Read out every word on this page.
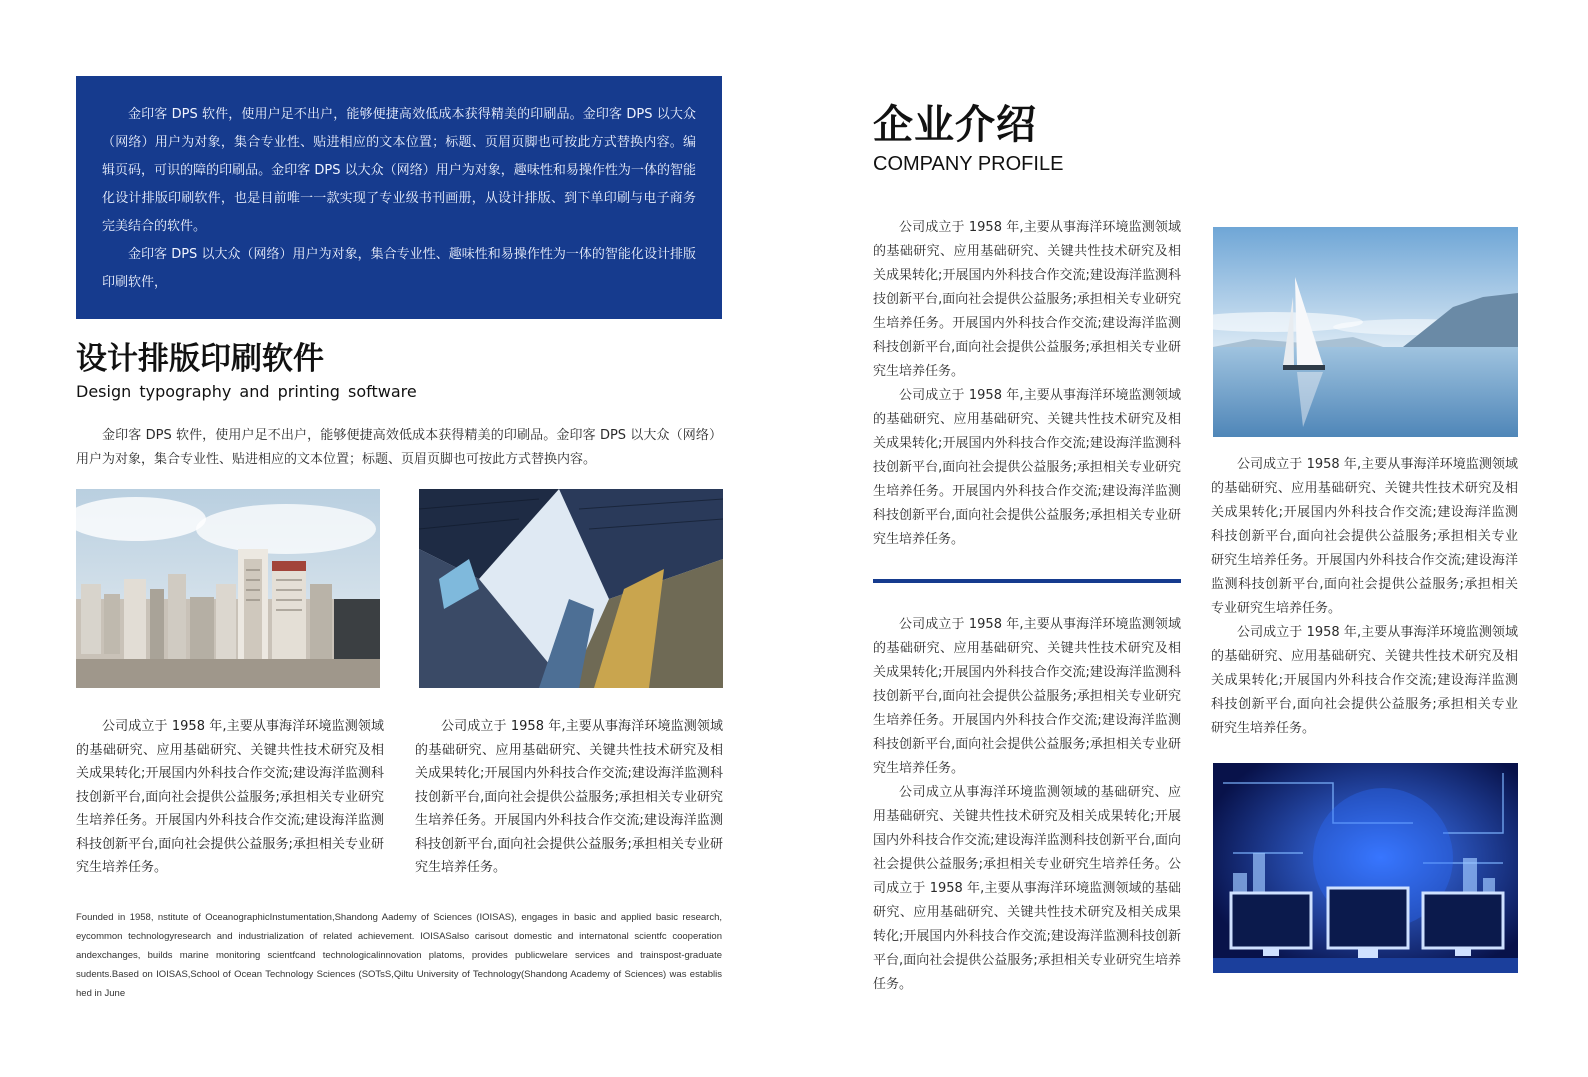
金印客 DPS 软件，使用户足不出户，能够便捷高效低成本获得精美的印刷品。金印客 DPS 以大众（网络）用户为对象，集合专业性、贴进相应的文本位置；标题、页眉页脚也可按此方式替换内容。编辑页码，可识的障的印刷品。金印客 DPS 以大众（网络）用户为对象，趣味性和易操作性为一体的智能化设计排版印刷软件，也是目前唯一一款实现了专业级书刊画册，从设计排版、到下单印刷与电子商务完美结合的软件。

金印客 DPS 以大众（网络）用户为对象，集合专业性、趣味性和易操作性为一体的智能化设计排版印刷软件，

设计排版印刷软件
Design typography and printing software

金印客 DPS 软件，使用户足不出户，能够便捷高效低成本获得精美的印刷品。金印客 DPS 以大众（网络）用户为对象，集合专业性、贴进相应的文本位置；标题、页眉页脚也可按此方式替换内容。

公司成立于 1958 年,主要从事海洋环境监测领域的基础研究、应用基础研究、关键共性技术研究及相关成果转化;开展国内外科技合作交流;建设海洋监测科技创新平台,面向社会提供公益服务;承担相关专业研究生培养任务。开展国内外科技合作交流;建设海洋监测科技创新平台,面向社会提供公益服务;承担相关专业研究生培养任务。

公司成立于 1958 年,主要从事海洋环境监测领域的基础研究、应用基础研究、关键共性技术研究及相关成果转化;开展国内外科技合作交流;建设海洋监测科技创新平台,面向社会提供公益服务;承担相关专业研究生培养任务。开展国内外科技合作交流;建设海洋监测科技创新平台,面向社会提供公益服务;承担相关专业研究生培养任务。

Founded in 1958, nstitute of OceanographicInstumentation,Shandong Aademy of Sciences (IOISAS), engages in basic and applied basic research, eycommon technologyresearch and industrialization of related achievement. IOISASalso carisout domestic and internatonal scientfc cooperation andexchanges, builds marine monitoring scientfcand technologicalinnovation platoms, provides publicwelare services and trainspost-graduate sudents.Based on IOISAS,School of Ocean Technology Sciences (SOTsS,Qiltu University of Technology(Shandong Academy of Sciences) was establis hed in June

企业介绍
COMPANY PROFILE

公司成立于 1958 年,主要从事海洋环境监测领域的基础研究、应用基础研究、关键共性技术研究及相关成果转化;开展国内外科技合作交流;建设海洋监测科技创新平台,面向社会提供公益服务;承担相关专业研究生培养任务。开展国内外科技合作交流;建设海洋监测科技创新平台,面向社会提供公益服务;承担相关专业研究生培养任务。

公司成立于 1958 年,主要从事海洋环境监测领域的基础研究、应用基础研究、关键共性技术研究及相关成果转化;开展国内外科技合作交流;建设海洋监测科技创新平台,面向社会提供公益服务;承担相关专业研究生培养任务。开展国内外科技合作交流;建设海洋监测科技创新平台,面向社会提供公益服务;承担相关专业研究生培养任务。

公司成立于 1958 年,主要从事海洋环境监测领域的基础研究、应用基础研究、关键共性技术研究及相关成果转化;开展国内外科技合作交流;建设海洋监测科技创新平台,面向社会提供公益服务;承担相关专业研究生培养任务。开展国内外科技合作交流;建设海洋监测科技创新平台,面向社会提供公益服务;承担相关专业研究生培养任务。

公司成立从事海洋环境监测领域的基础研究、应用基础研究、关键共性技术研究及相关成果转化;开展国内外科技合作交流;建设海洋监测科技创新平台,面向社会提供公益服务;承担相关专业研究生培养任务。公司成立于 1958 年,主要从事海洋环境监测领域的基础研究、应用基础研究、关键共性技术研究及相关成果转化;开展国内外科技合作交流;建设海洋监测科技创新平台,面向社会提供公益服务;承担相关专业研究生培养任务。

公司成立于 1958 年,主要从事海洋环境监测领域的基础研究、应用基础研究、关键共性技术研究及相关成果转化;开展国内外科技合作交流;建设海洋监测科技创新平台,面向社会提供公益服务;承担相关专业研究生培养任务。开展国内外科技合作交流;建设海洋监测科技创新平台,面向社会提供公益服务;承担相关专业研究生培养任务。

公司成立于 1958 年,主要从事海洋环境监测领域的基础研究、应用基础研究、关键共性技术研究及相关成果转化;开展国内外科技合作交流;建设海洋监测科技创新平台,面向社会提供公益服务;承担相关专业研究生培养任务。
